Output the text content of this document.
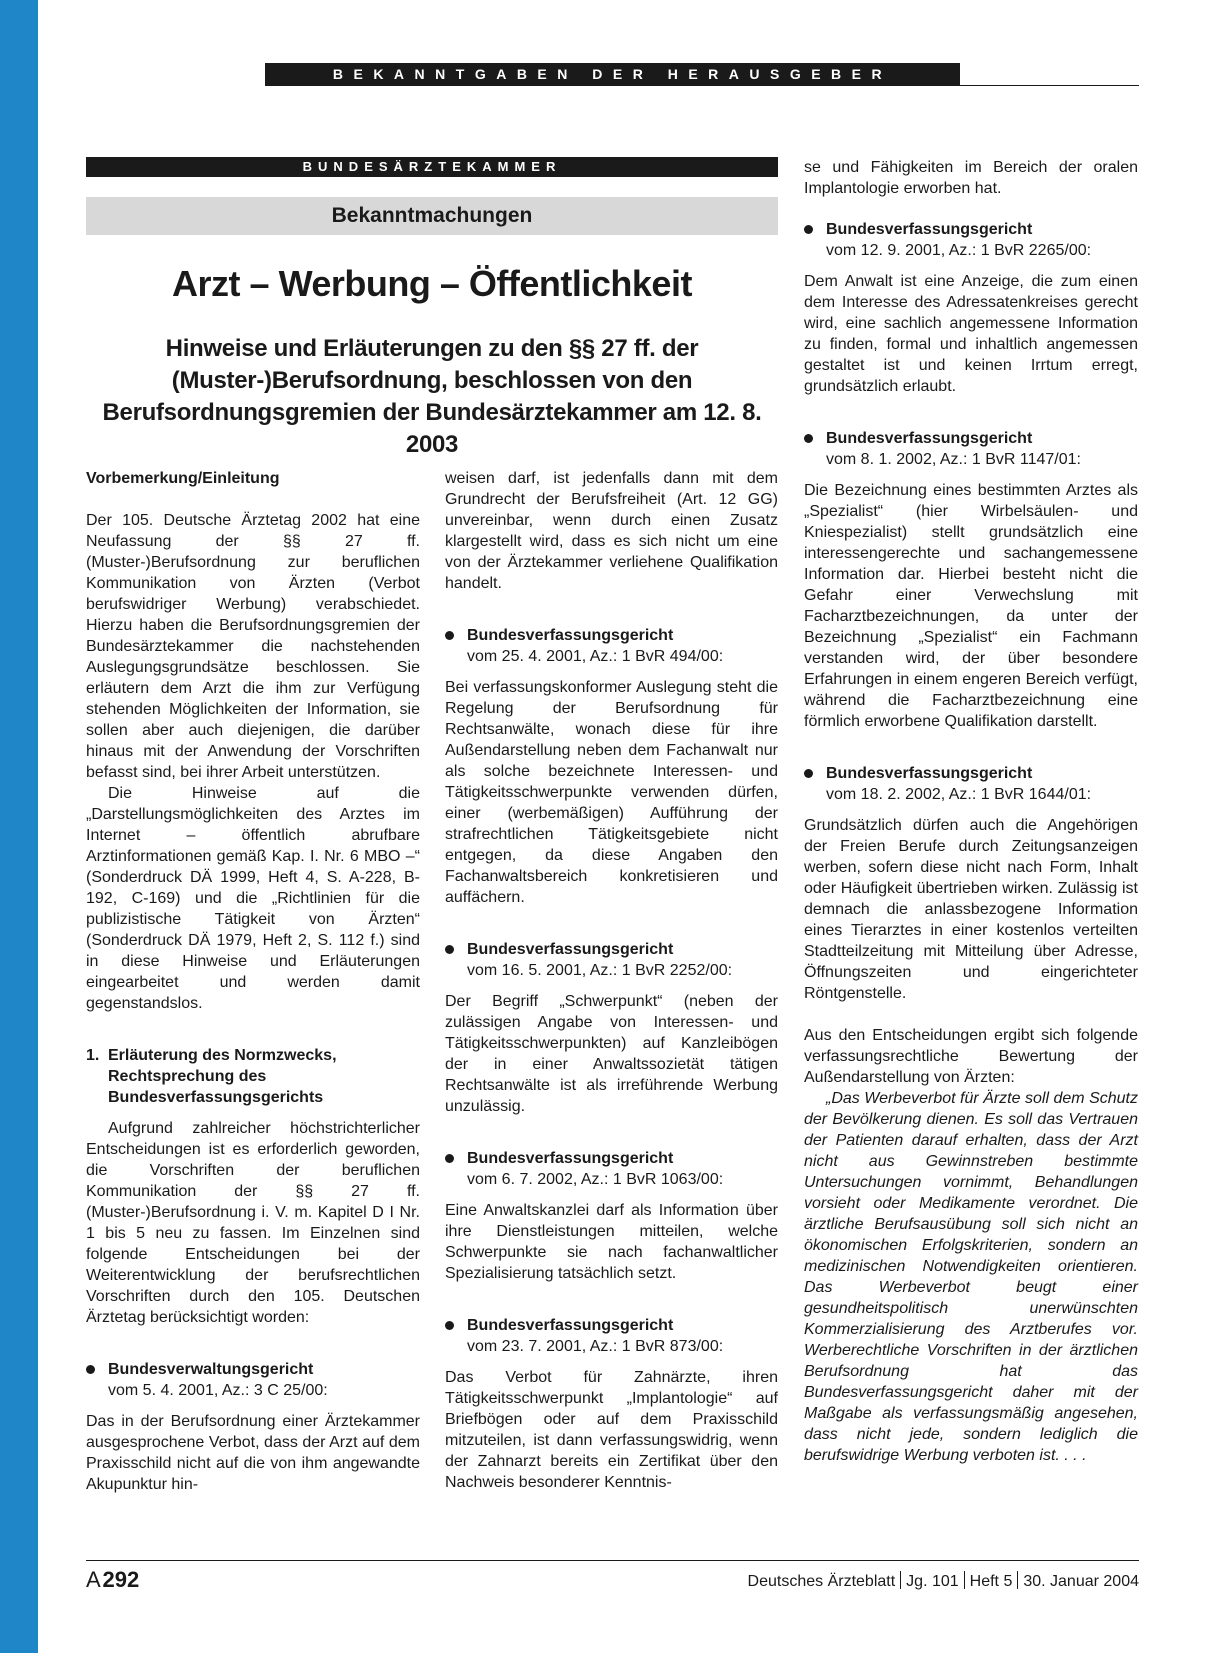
BEKANNTGABEN DER HERAUSGEBER
BUNDESÄRZTEKAMMER
Bekanntmachungen
Arzt – Werbung – Öffentlichkeit
Hinweise und Erläuterungen zu den §§ 27 ff. der (Muster-)Berufsordnung, beschlossen von den Berufsordnungsgremien der Bundesärztekammer am 12. 8. 2003
Vorbemerkung/Einleitung

Der 105. Deutsche Ärztetag 2002 hat eine Neufassung der §§ 27 ff. (Muster-)Berufsordnung zur beruflichen Kommunikation von Ärzten (Verbot berufswidriger Werbung) verabschiedet. Hierzu haben die Berufsordnungsgremien der Bundesärztekammer die nachstehenden Auslegungsgrundsätze beschlossen. Sie erläutern dem Arzt die ihm zur Verfügung stehenden Möglichkeiten der Information, sie sollen aber auch diejenigen, die darüber hinaus mit der Anwendung der Vorschriften befasst sind, bei ihrer Arbeit unterstützen.

Die Hinweise auf die „Darstellungsmöglichkeiten des Arztes im Internet – öffentlich abrufbare Arztinformationen gemäß Kap. I. Nr. 6 MBO –“ (Sonderdruck DÄ 1999, Heft 4, S. A-228, B-192, C-169) und die „Richtlinien für die publizistische Tätigkeit von Ärzten“ (Sonderdruck DÄ 1979, Heft 2, S. 112 f.) sind in diese Hinweise und Erläuterungen eingearbeitet und werden damit gegenstandslos.

1. Erläuterung des Normzwecks, Rechtsprechung des Bundesverfassungsgerichts

Aufgrund zahlreicher höchstrichterlicher Entscheidungen ist es erforderlich geworden, die Vorschriften der beruflichen Kommunikation der §§ 27 ff. (Muster-)Berufsordnung i. V. m. Kapitel D I Nr. 1 bis 5 neu zu fassen. Im Einzelnen sind folgende Entscheidungen bei der Weiterentwicklung der berufsrechtlichen Vorschriften durch den 105. Deutschen Ärztetag berücksichtigt worden:

Bundesverwaltungsgericht
vom 5. 4. 2001, Az.: 3 C 25/00:

Das in der Berufsordnung einer Ärztekammer ausgesprochene Verbot, dass der Arzt auf dem Praxisschild nicht auf die von ihm angewandte Akupunktur hin-

weisen darf, ist jedenfalls dann mit dem Grundrecht der Berufsfreiheit (Art. 12 GG) unvereinbar, wenn durch einen Zusatz klargestellt wird, dass es sich nicht um eine von der Ärztekammer verliehene Qualifikation handelt.

Bundesverfassungsgericht
vom 25. 4. 2001, Az.: 1 BvR 494/00:

Bei verfassungskonformer Auslegung steht die Regelung der Berufsordnung für Rechtsanwälte, wonach diese für ihre Außendarstellung neben dem Fachanwalt nur als solche bezeichnete Interessen- und Tätigkeitsschwerpunkte verwenden dürfen, einer (werbemäßigen) Aufführung der strafrechtlichen Tätigkeitsgebiete nicht entgegen, da diese Angaben den Fachanwaltsbereich konkretisieren und auffächern.

Bundesverfassungsgericht
vom 16. 5. 2001, Az.: 1 BvR 2252/00:

Der Begriff „Schwerpunkt“ (neben der zulässigen Angabe von Interessen- und Tätigkeitsschwerpunkten) auf Kanzleibögen der in einer Anwaltssozietät tätigen Rechtsanwälte ist als irreführende Werbung unzulässig.

Bundesverfassungsgericht
vom 6. 7. 2002, Az.: 1 BvR 1063/00:

Eine Anwaltskanzlei darf als Information über ihre Dienstleistungen mitteilen, welche Schwerpunkte sie nach fachanwaltlicher Spezialisierung tatsächlich setzt.

Bundesverfassungsgericht
vom 23. 7. 2001, Az.: 1 BvR 873/00:

Das Verbot für Zahnärzte, ihren Tätigkeitsschwerpunkt „Implantologie“ auf Briefbögen oder auf dem Praxisschild mitzuteilen, ist dann verfassungswidrig, wenn der Zahnarzt bereits ein Zertifikat über den Nachweis besonderer Kenntnis-

se und Fähigkeiten im Bereich der oralen Implantologie erworben hat.

Bundesverfassungsgericht
vom 12. 9. 2001, Az.: 1 BvR 2265/00:

Dem Anwalt ist eine Anzeige, die zum einen dem Interesse des Adressatenkreises gerecht wird, eine sachlich angemessene Information zu finden, formal und inhaltlich angemessen gestaltet ist und keinen Irrtum erregt, grundsätzlich erlaubt.

Bundesverfassungsgericht
vom 8. 1. 2002, Az.: 1 BvR 1147/01:

Die Bezeichnung eines bestimmten Arztes als „Spezialist“ (hier Wirbelsäulen- und Kniespezialist) stellt grundsätzlich eine interessengerechte und sachangemessene Information dar. Hierbei besteht nicht die Gefahr einer Verwechslung mit Facharztbezeichnungen, da unter der Bezeichnung „Spezialist“ ein Fachmann verstanden wird, der über besondere Erfahrungen in einem engeren Bereich verfügt, während die Facharztbezeichnung eine förmlich erworbene Qualifikation darstellt.

Bundesverfassungsgericht
vom 18. 2. 2002, Az.: 1 BvR 1644/01:

Grundsätzlich dürfen auch die Angehörigen der Freien Berufe durch Zeitungsanzeigen werben, sofern diese nicht nach Form, Inhalt oder Häufigkeit übertrieben wirken. Zulässig ist demnach die anlassbezogene Information eines Tierarztes in einer kostenlos verteilten Stadtteilzeitung mit Mitteilung über Adresse, Öffnungszeiten und eingerichteter Röntgenstelle.

Aus den Entscheidungen ergibt sich folgende verfassungsrechtliche Bewertung der Außendarstellung von Ärzten:

„Das Werbeverbot für Ärzte soll dem Schutz der Bevölkerung dienen. Es soll das Vertrauen der Patienten darauf erhalten, dass der Arzt nicht aus Gewinnstreben bestimmte Untersuchungen vornimmt, Behandlungen vorsieht oder Medikamente verordnet. Die ärztliche Berufsausübung soll sich nicht an ökonomischen Erfolgskriterien, sondern an medizinischen Notwendigkeiten orientieren. Das Werbeverbot beugt einer gesundheitspolitisch unerwünschten Kommerzialisierung des Arztberufes vor. Werberechtliche Vorschriften in der ärztlichen Berufsordnung hat das Bundesverfassungsgericht daher mit der Maßgabe als verfassungsmäßig angesehen, dass nicht jede, sondern lediglich die berufswidrige Werbung verboten ist. . . .

A 292	Deutsches Ärzteblatt Jg. 101 Heft 5 30. Januar 2004
